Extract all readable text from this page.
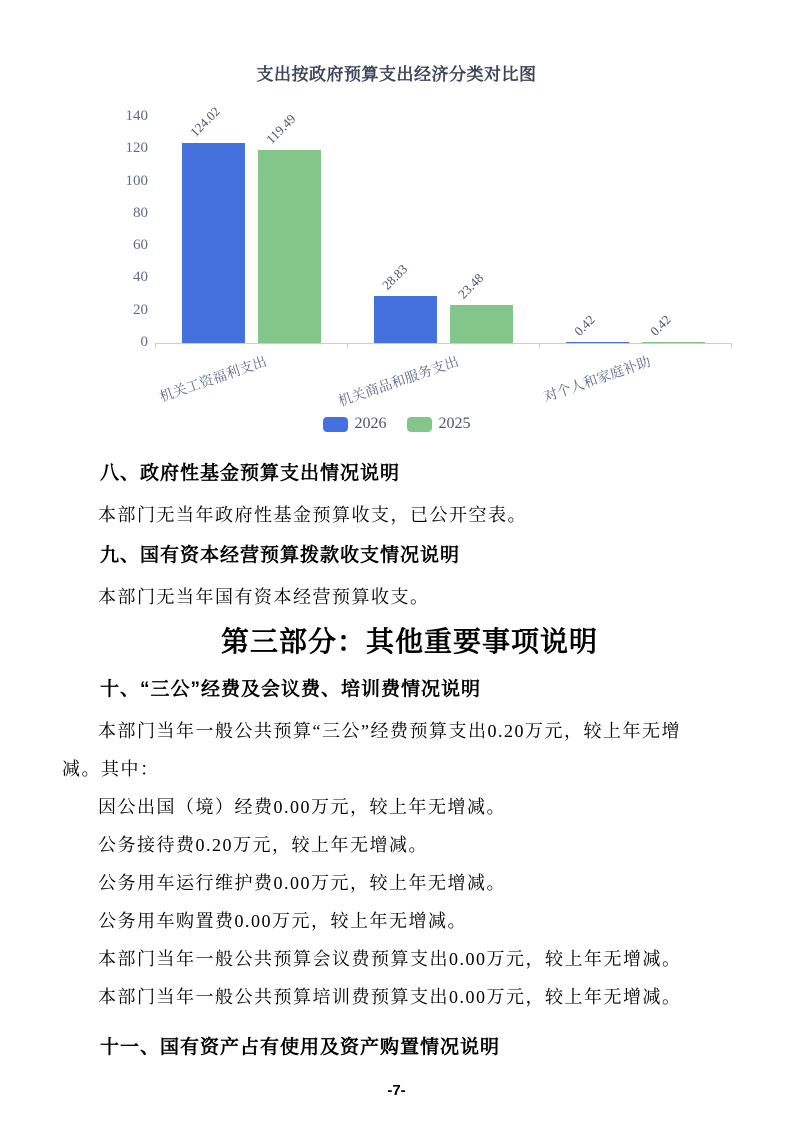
支出按政府预算支出经济分类对比图
2026	2025
0
20
40
60
80
100
120
140	124.02	119.49
机关工资福利支出
28.83	23.48
机关商品和服务支出
0.42	0.42
对个人和家庭补助

八、政府性基金预算支出情况说明

本部门无当年政府性基金预算收支，已公开空表。

九、国有资本经营预算拨款收支情况说明

本部门无当年国有资本经营预算收支。

第三部分：其他重要事项说明

十、“三公”经费及会议费、培训费情况说明

本部门当年一般公共预算“三公”经费预算支出0.20万元，较上年无增

减。其中：

因公出国（境）经费0.00万元，较上年无增减。

公务接待费0.20万元，较上年无增减。

公务用车运行维护费0.00万元，较上年无增减。

公务用车购置费0.00万元，较上年无增减。

本部门当年一般公共预算会议费预算支出0.00万元，较上年无增减。

本部门当年一般公共预算培训费预算支出0.00万元，较上年无增减。

十一、国有资产占有使用及资产购置情况说明

-7-
